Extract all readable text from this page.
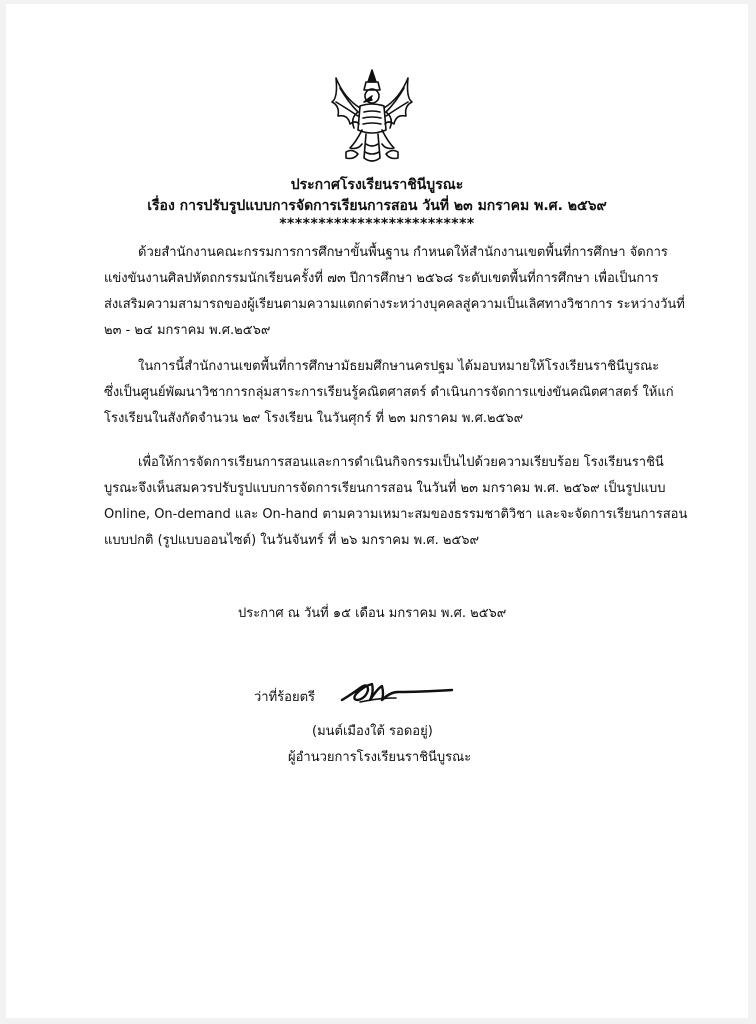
ประกาศโรงเรียนราชินีบูรณะ
เรื่อง การปรับรูปแบบการจัดการเรียนการสอน วันที่ ๒๓ มกราคม พ.ศ. ๒๕๖๙
*************************
ด้วยสำนักงานคณะกรรมการการศึกษาขั้นพื้นฐาน กำหนดให้สำนักงานเขตพื้นที่การศึกษา จัดการ
แข่งขันงานศิลปหัตถกรรมนักเรียนครั้งที่ ๗๓ ปีการศึกษา ๒๕๖๘ ระดับเขตพื้นที่การศึกษา เพื่อเป็นการ
ส่งเสริมความสามารถของผู้เรียนตามความแตกต่างระหว่างบุคคลสู่ความเป็นเลิศทางวิชาการ ระหว่างวันที่
๒๓ - ๒๔ มกราคม พ.ศ.๒๕๖๙
ในการนี้สำนักงานเขตพื้นที่การศึกษามัธยมศึกษานครปฐม ได้มอบหมายให้โรงเรียนราชินีบูรณะ
ซึ่งเป็นศูนย์พัฒนาวิชาการกลุ่มสาระการเรียนรู้คณิตศาสตร์ ดำเนินการจัดการแข่งขันคณิตศาสตร์ ให้แก่
โรงเรียนในสังกัดจำนวน ๒๙ โรงเรียน ในวันศุกร์ ที่ ๒๓ มกราคม พ.ศ.๒๕๖๙
เพื่อให้การจัดการเรียนการสอนและการดำเนินกิจกรรมเป็นไปด้วยความเรียบร้อย โรงเรียนราชินี
บูรณะจึงเห็นสมควรปรับรูปแบบการจัดการเรียนการสอน ในวันที่ ๒๓ มกราคม พ.ศ. ๒๕๖๙ เป็นรูปแบบ
Online, On-demand และ On-hand ตามความเหมาะสมของธรรมชาติวิชา และจะจัดการเรียนการสอน
แบบปกติ (รูปแบบออนไซต์) ในวันจันทร์ ที่ ๒๖ มกราคม พ.ศ. ๒๕๖๙
ประกาศ ณ วันที่ ๑๕ เดือน มกราคม พ.ศ. ๒๕๖๙
ว่าที่ร้อยตรี
(มนต์เมืองใต้ รอดอยู่)
ผู้อำนวยการโรงเรียนราชินีบูรณะ
